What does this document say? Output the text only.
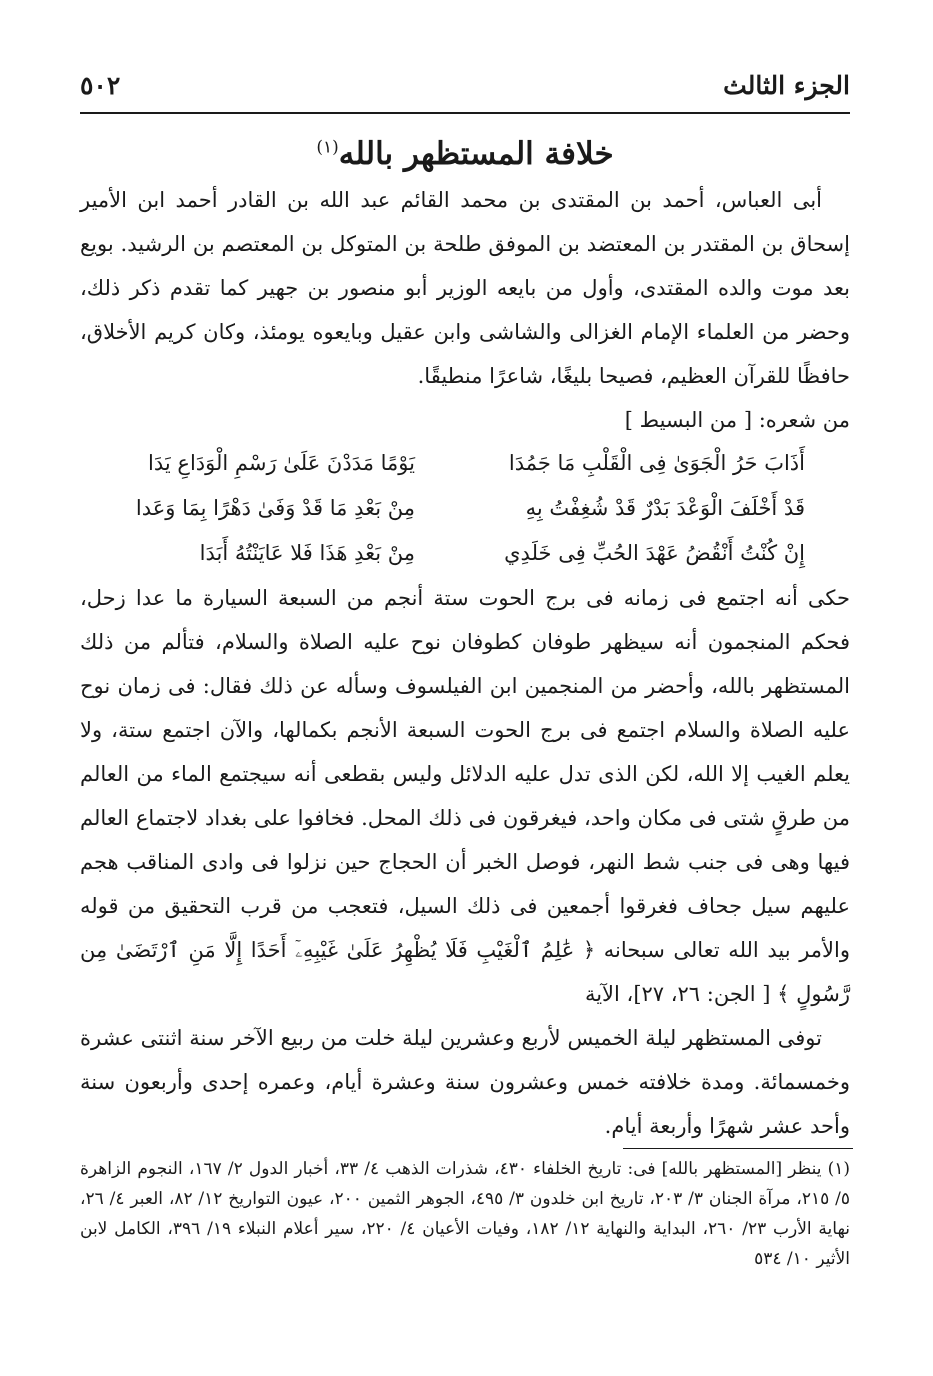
الجزء الثالث
٥٠٢
خلافة المستظهر بالله$^{(١)}$

أبى العباس، أحمد بن المقتدى بن محمد القائم عبد الله بن القادر أحمد ابن الأمير إسحاق بن المقتدر بن المعتضد بن الموفق طلحة بن المتوكل بن المعتصم بن الرشيد. بويع بعد موت والده المقتدى، وأول من بايعه الوزير أبو منصور بن جهير كما تقدم ذكر ذلك، وحضر من العلماء الإمام الغزالى والشاشى وابن عقيل وبايعوه يومئذ، وكان كريم الأخلاق، حافظًا للقرآن العظيم، فصيحا بليغًا، شاعرًا منطيقًا.

من شعره: [ من البسيط ]

أَذَابَ حَرُ الْجَوَىٰ فِى الْقَلْبِ مَا جَمُدَا
يَوْمًا مَدَدْنَ عَلَىٰ رَسْمِ الْوَدَاعِ يَدَا
قَدْ أَخْلَفَ الْوَعْدَ بَدْرٌ قَدْ شُغِفْتُ بِهِ
مِنْ بَعْدِ مَا قَدْ وَفَىٰ دَهْرًا بِمَا وَعَدا
إِنْ كُنْتُ أَنْقُضُ عَهْدَ الحُبِّ فِى خَلَدِي
مِنْ بَعْدِ هَذَا فَلا عَايَنْتُهُ أَبَدَا

حكى أنه اجتمع فى زمانه فى برج الحوت ستة أنجم من السبعة السيارة ما عدا زحل، فحكم المنجمون أنه سيظهر طوفان كطوفان نوح عليه الصلاة والسلام، فتألم من ذلك المستظهر بالله، وأحضر من المنجمين ابن الفيلسوف وسأله عن ذلك فقال: فى زمان نوح عليه الصلاة والسلام اجتمع فى برج الحوت السبعة الأنجم بكمالها، والآن اجتمع ستة، ولا يعلم الغيب إلا الله، لكن الذى تدل عليه الدلائل وليس بقطعى أنه سيجتمع الماء من العالم من طرقٍ شتى فى مكان واحد، فيغرقون فى ذلك المحل. فخافوا على بغداد لاجتماع العالم فيها وهى فى جنب شط النهر، فوصل الخبر أن الحجاج حين نزلوا فى وادى المناقب هجم عليهم سيل جحاف فغرقوا أجمعين فى ذلك السيل، فتعجب من قرب التحقيق من قوله والأمر بيد الله تعالى سبحانه ﴿ عَٰلِمُ ٱلْغَيْبِ فَلَا يُظْهِرُ عَلَىٰ غَيْبِهِۦٓ أَحَدًا إِلَّا مَنِ ٱرْتَضَىٰ مِن رَّسُولٍ ﴾ [ الجن: ٢٦، ٢٧]، الآية

توفى المستظهر ليلة الخميس لأربع وعشرين ليلة خلت من ربيع الآخر سنة اثنتى عشرة وخمسمائة. ومدة خلافته خمس وعشرون سنة وعشرة أيام، وعمره إحدى وأربعون سنة وأحد عشر شهرًا وأربعة أيام.

(١) ينظر [المستظهر بالله] فى: تاريخ الخلفاء ٤٣٠، شذرات الذهب ٤/ ٣٣، أخبار الدول ٢/ ١٦٧، النجوم الزاهرة ٥/ ٢١٥، مرآة الجنان ٣/ ٢٠٣، تاريخ ابن خلدون ٣/ ٤٩٥، الجوهر الثمين ٢٠٠، عيون التواريخ ١٢/ ٨٢، العبر ٤/ ٢٦، نهاية الأرب ٢٣/ ٢٦٠، البداية والنهاية ١٢/ ١٨٢، وفيات الأعيان ٤/ ٢٢٠، سير أعلام النبلاء ١٩/ ٣٩٦، الكامل لابن الأثير ١٠/ ٥٣٤
